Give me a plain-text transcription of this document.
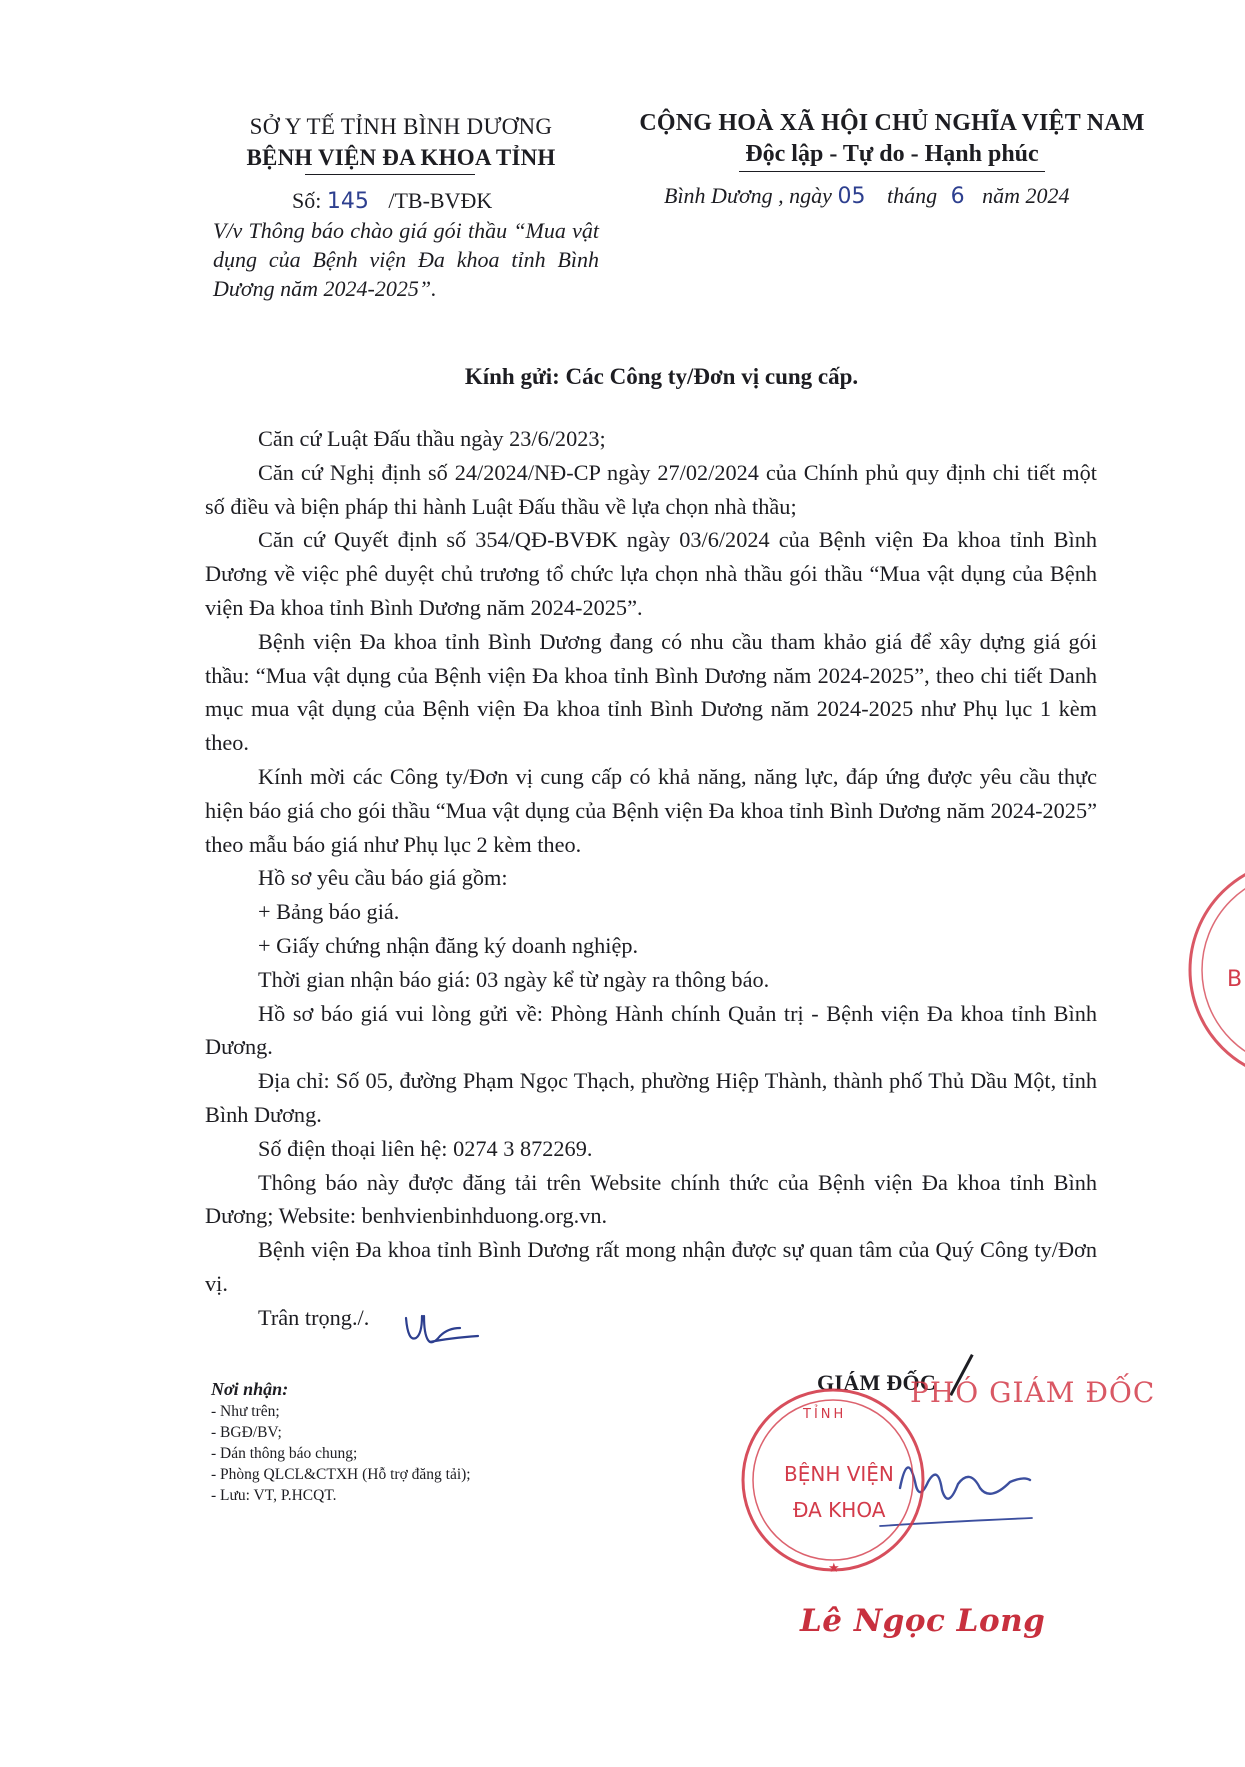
SỞ Y TẾ TỈNH BÌNH DƯƠNG
BỆNH VIỆN ĐA KHOA TỈNH
CỘNG HOÀ XÃ HỘI CHỦ NGHĨA VIỆT NAM
Độc lập - Tự do - Hạnh phúc
Số: 145 /TB-BVĐK
V/v Thông báo chào giá gói thầu “Mua vật dụng của Bệnh viện Đa khoa tỉnh Bình Dương năm 2024-2025”.
Bình Dương , ngày 05 tháng 6 năm 2024
Kính gửi: Các Công ty/Đơn vị cung cấp.

Căn cứ Luật Đấu thầu ngày 23/6/2023;

Căn cứ Nghị định số 24/2024/NĐ-CP ngày 27/02/2024 của Chính phủ quy định chi tiết một số điều và biện pháp thi hành Luật Đấu thầu về lựa chọn nhà thầu;

Căn cứ Quyết định số 354/QĐ-BVĐK ngày 03/6/2024 của Bệnh viện Đa khoa tỉnh Bình Dương về việc phê duyệt chủ trương tổ chức lựa chọn nhà thầu gói thầu “Mua vật dụng của Bệnh viện Đa khoa tỉnh Bình Dương năm 2024-2025”.

Bệnh viện Đa khoa tỉnh Bình Dương đang có nhu cầu tham khảo giá để xây dựng giá gói thầu: “Mua vật dụng của Bệnh viện Đa khoa tỉnh Bình Dương năm 2024-2025”, theo chi tiết Danh mục mua vật dụng của Bệnh viện Đa khoa tỉnh Bình Dương năm 2024-2025 như Phụ lục 1 kèm theo.

Kính mời các Công ty/Đơn vị cung cấp có khả năng, năng lực, đáp ứng được yêu cầu thực hiện báo giá cho gói thầu “Mua vật dụng của Bệnh viện Đa khoa tỉnh Bình Dương năm 2024-2025” theo mẫu báo giá như Phụ lục 2 kèm theo.

Hồ sơ yêu cầu báo giá gồm:

+ Bảng báo giá.

+ Giấy chứng nhận đăng ký doanh nghiệp.

Thời gian nhận báo giá: 03 ngày kể từ ngày ra thông báo.

Hồ sơ báo giá vui lòng gửi về: Phòng Hành chính Quản trị - Bệnh viện Đa khoa tỉnh Bình Dương.

Địa chỉ: Số 05, đường Phạm Ngọc Thạch, phường Hiệp Thành, thành phố Thủ Dầu Một, tỉnh Bình Dương.

Số điện thoại liên hệ: 0274 3 872269.

Thông báo này được đăng tải trên Website chính thức của Bệnh viện Đa khoa tỉnh Bình Dương; Website: benhvienbinhduong.org.vn.

Bệnh viện Đa khoa tỉnh Bình Dương rất mong nhận được sự quan tâm của Quý Công ty/Đơn vị.

Trân trọng./.

Nơi nhận:
- Như trên;
- BGĐ/BV;
- Dán thông báo chung;
- Phòng QLCL&CTXH (Hỗ trợ đăng tải);
- Lưu: VT, P.HCQT.
GIÁM ĐỐC
PHÓ GIÁM ĐỐC
TỈNH
BỆNH VIỆN
ĐA KHOA
★
B
Lê Ngọc Long
